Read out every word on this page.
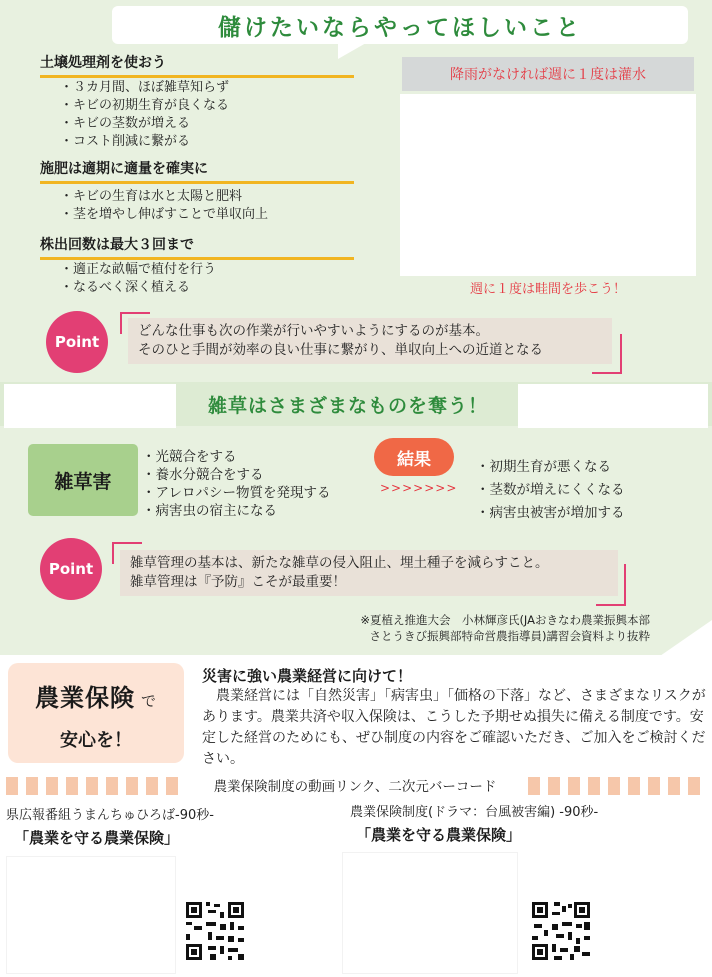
儲けたいならやってほしいこと
土壌処理剤を使おう
・３カ月間、ほぼ雑草知らず
・キビの初期生育が良くなる
・キビの茎数が増える
・コスト削減に繋がる
施肥は適期に適量を確実に
・キビの生育は水と太陽と肥料
・茎を増やし伸ばすことで単収向上
株出回数は最大３回まで
・適正な畝幅で植付を行う
・なるべく深く植える
降雨がなければ週に１度は灌水
週に１度は畦間を歩こう！
どんな仕事も次の作業が行いやすいようにするのが基本。
そのひと手間が効率の良い仕事に繋がり、単収向上への近道となる
Point
雑草はさまざまなものを奪う！
雑草害
・光競合をする
・養水分競合をする
・アレロパシー物質を発現する
・病害虫の宿主になる
結果
>>>>>>>
・初期生育が悪くなる
・茎数が増えにくくなる
・病害虫被害が増加する
雑草管理の基本は、新たな雑草の侵入阻止、埋土種子を減らすこと。
雑草管理は『予防』こそが最重要！
Point
※夏植え推進大会　小林輝彦氏(JAおきなわ農業振興本部
さとうきび振興部特命営農指導員)講習会資料より抜粋
農業保険 で
安心を！
災害に強い農業経営に向けて！
農業経営には「自然災害」「病害虫」「価格の下落」など、さまざまなリスクがあります。農業共済や収入保険は、こうした予期せぬ損失に備える制度です。安定した経営のためにも、ぜひ制度の内容をご確認いただき、ご加入をご検討ください。
農業保険制度の動画リンク、二次元バーコード
県広報番組うまんちゅひろば-90秒-
「農業を守る農業保険」
農業保険制度(ドラマ：台風被害編) -90秒-
「農業を守る農業保険」
